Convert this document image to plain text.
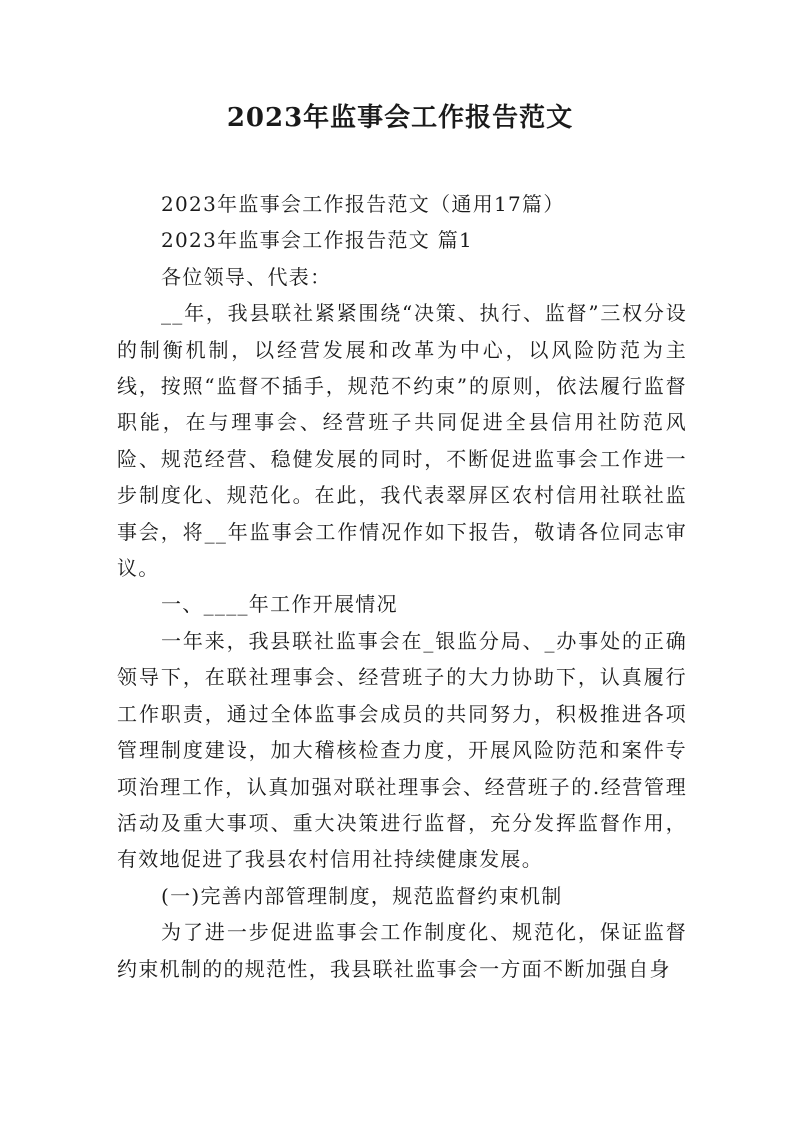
2023年监事会工作报告范文

2023年监事会工作报告范文（通用17篇）

2023年监事会工作报告范文 篇1

各位领导、代表：

__年，我县联社紧紧围绕“决策、执行、监督”三权分设的制衡机制，以经营发展和改革为中心，以风险防范为主线，按照“监督不插手，规范不约束”的原则，依法履行监督职能，在与理事会、经营班子共同促进全县信用社防范风险、规范经营、稳健发展的同时，不断促进监事会工作进一步制度化、规范化。在此，我代表翠屏区农村信用社联社监事会，将__年监事会工作情况作如下报告，敬请各位同志审议。

一、____年工作开展情况

一年来，我县联社监事会在_银监分局、_办事处的正确领导下，在联社理事会、经营班子的大力协助下，认真履行工作职责，通过全体监事会成员的共同努力，积极推进各项管理制度建设，加大稽核检查力度，开展风险防范和案件专项治理工作，认真加强对联社理事会、经营班子的.经营管理活动及重大事项、重大决策进行监督，充分发挥监督作用，有效地促进了我县农村信用社持续健康发展。

(一)完善内部管理制度，规范监督约束机制

为了进一步促进监事会工作制度化、规范化，保证监督约束机制的的规范性，我县联社监事会一方面不断加强自身
